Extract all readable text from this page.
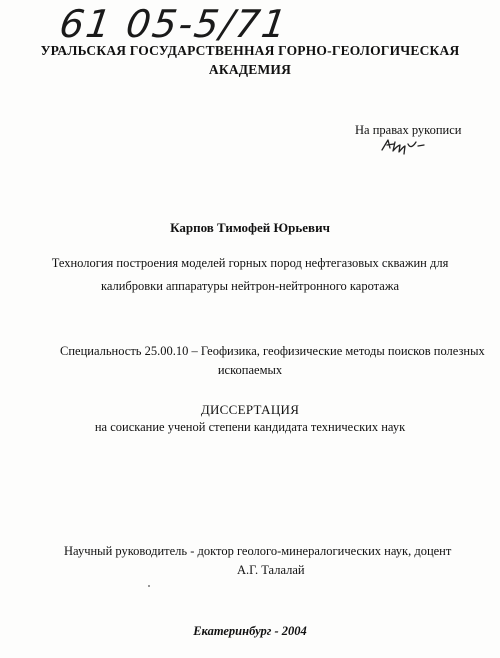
61 05-5/71
УРАЛЬСКАЯ ГОСУДАРСТВЕННАЯ ГОРНО-ГЕОЛОГИЧЕСКАЯ
АКАДЕМИЯ
На правах рукописи
Карпов Тимофей Юрьевич
Технология построения моделей горных пород нефтегазовых скважин для
калибровки аппаратуры нейтрон-нейтронного каротажа
Специальность 25.00.10 – Геофизика, геофизические методы поисков полезных
ископаемых
ДИССЕРТАЦИЯ
на соискание ученой степени кандидата технических наук
Научный руководитель - доктор геолого-минералогических наук, доцент
А.Г. Талалай
Екатеринбург - 2004
